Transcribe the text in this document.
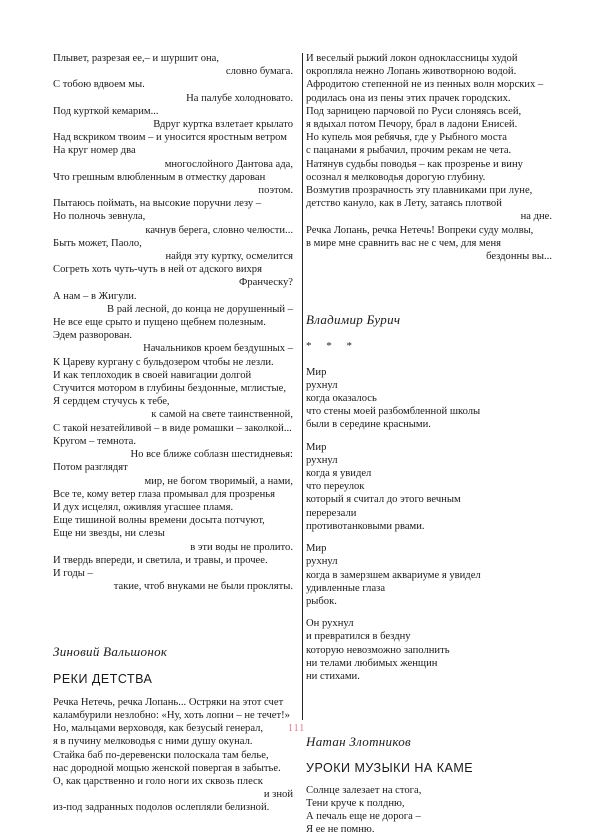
Плывет, разрезая ее,– и шуршит она,
словно бумага.
С тобою вдвоем мы.
На палубе холодновато.
Под курткой кемарим...
Вдруг куртка взлетает крылато
Над вскриком твоим – и уносится яростным ветром
На круг номер два
многослойного Дантова ада,
Что грешным влюбленным в отместку дарован
поэтом.
Пытаюсь поймать, на высокие поручни лезу –
Но полночь зевнула,
качнув берега, словно челюсти...
Быть может, Паоло,
найдя эту куртку, осмелится
Согреть хоть чуть-чуть в ней от адского вихря
Франческу?
А нам – в Жигули.
В рай лесной, до конца не дорушенный –
Не все еще срыто и пущено щебнем полезным.
Эдем разворован.
Начальников кроем бездушных –
К Цареву кургану с бульдозером чтобы не лезли.
И как теплоходик в своей навигации долгой
Стучится мотором в глубины бездонные, мглистые,
Я сердцем стучусь к тебе,
к самой на свете таинственной,
С такой незатейливой – в виде ромашки – заколкой...
Кругом – темнота.
Но все ближе соблазн шестидневья:
Потом разглядят
мир, не богом творимый, а нами,
Все те, кому ветер глаза промывал для прозренья
И дух исцелял, оживляя угасшее пламя.
Еще тишиной волны времени досыта потчуют,
Еще ни звезды, ни слезы
в эти воды не пролито.
И твердь впереди, и светила, и травы, и прочее.
И годы –
такие, чтоб внуками не были прокляты.
Зиновий Вальшонок
РЕКИ ДЕТСТВА
Речка Нетечь, речка Лопань... Остряки на этот счет
каламбурили незлобно: «Ну, хоть лопни – не течет!»
Но, мальцами верховодя, как безусый генерал,
я в пучину мелководья с ними душу окунал.
Стайка баб по-деревенски полоскала там белье,
нас дородной мощью женской повергая в забытье.
О, как царственно и голо ноги их сквозь плеск
и зной
из-под задранных подолов ослепляли белизной.
И веселый рыжий локон одноклассницы худой
окропляла нежно Лопань животворною водой.
Афродитою степенной не из пенных волн морских –
родилась она из пены этих прачек городских.
Под зарницею парчовой по Руси слоняясь всей,
я вдыхал потом Печору, брал в ладони Енисей.
Но купель моя ребячья, где у Рыбного моста
с пацанами я рыбачил, прочим рекам не чета.
Натянув судьбы поводья – как прозренье и вину
осознал я мелководья дорогую глубину.
Возмутив прозрачность эту плавниками при луне,
детство кануло, как в Лету, затаясь плотвой
на дне.
Речка Лопань, речка Нетечь! Вопреки суду молвы,
в мире мне сравнить вас не с чем, для меня
бездонны вы...
Владимир Бурич
* * *
Мир
рухнул
когда оказалось
что стены моей разбомбленной школы
были в середине красными.
Мир
рухнул
когда я увидел
что переулок
который я считал до этого вечным
перерезали
противотанковыми рвами.
Мир
рухнул
когда в замерзшем аквариуме я увидел
удивленные глаза
рыбок.
Он рухнул
и превратился в бездну
которую невозможно заполнить
ни телами любимых женщин
ни стихами.
Натан Злотников
УРОКИ МУЗЫКИ НА КАМЕ
Солнце залезает на стога,
Тени круче к полдню,
А печаль еще не дорога –
Я ее не помню.
111
